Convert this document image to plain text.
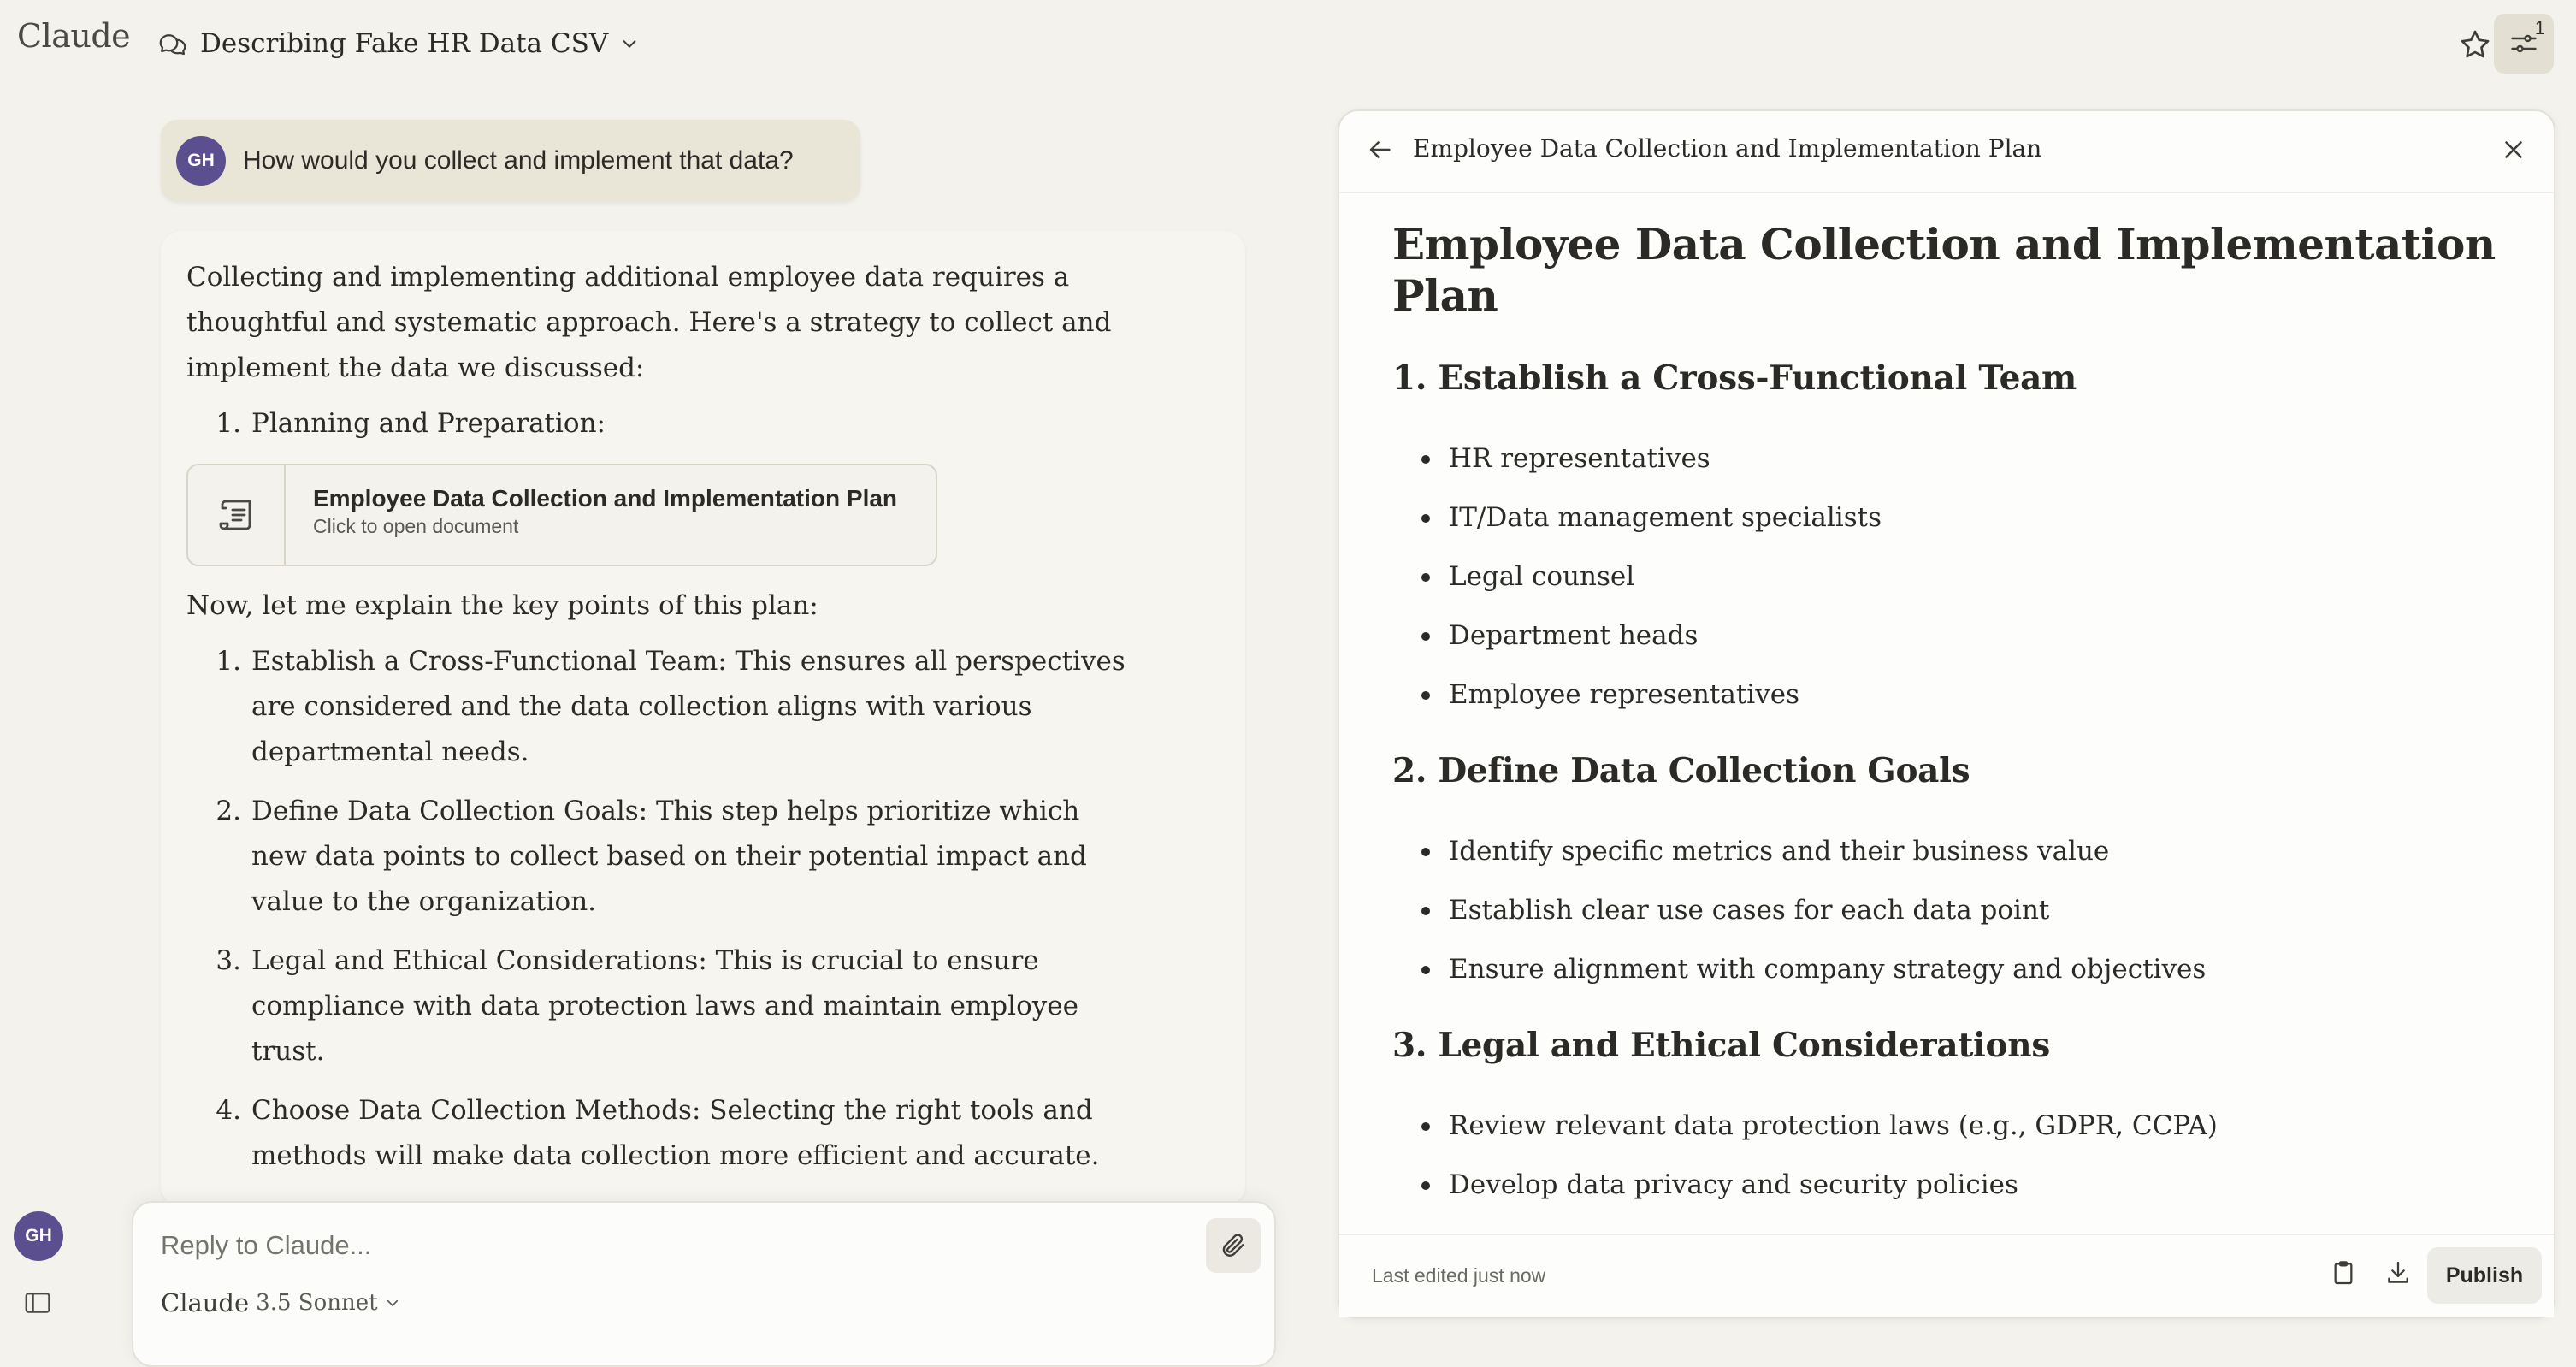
Claude	Describing Fake HR Data CSV
1
GH
GH	How would you collect and implement that data?

Collecting and implementing additional employee data requires a thoughtful and systematic approach. Here's a strategy to collect and implement the data we discussed:

1. Planning and Preparation:
Employee Data Collection and Implementation Plan
Click to open document

Now, let me explain the key points of this plan:

1. Establish a Cross-Functional Team: This ensures all perspectives are considered and the data collection aligns with various departmental needs.
2. Define Data Collection Goals: This step helps prioritize which new data points to collect based on their potential impact and value to the organization.
3. Legal and Ethical Considerations: This is crucial to ensure compliance with data protection laws and maintain employee trust.
4. Choose Data Collection Methods: Selecting the right tools and methods will make data collection more efficient and accurate.
Reply to Claude...
Claude 3.5 Sonnet
Employee Data Collection and Implementation Plan
Employee Data Collection and Implementation Plan
1. Establish a Cross-Functional Team
HR representatives
IT/Data management specialists
Legal counsel
Department heads
Employee representatives
2. Define Data Collection Goals
Identify specific metrics and their business value
Establish clear use cases for each data point
Ensure alignment with company strategy and objectives
3. Legal and Ethical Considerations
Review relevant data protection laws (e.g., GDPR, CCPA)
Develop data privacy and security policies
Last edited just now	Publish
